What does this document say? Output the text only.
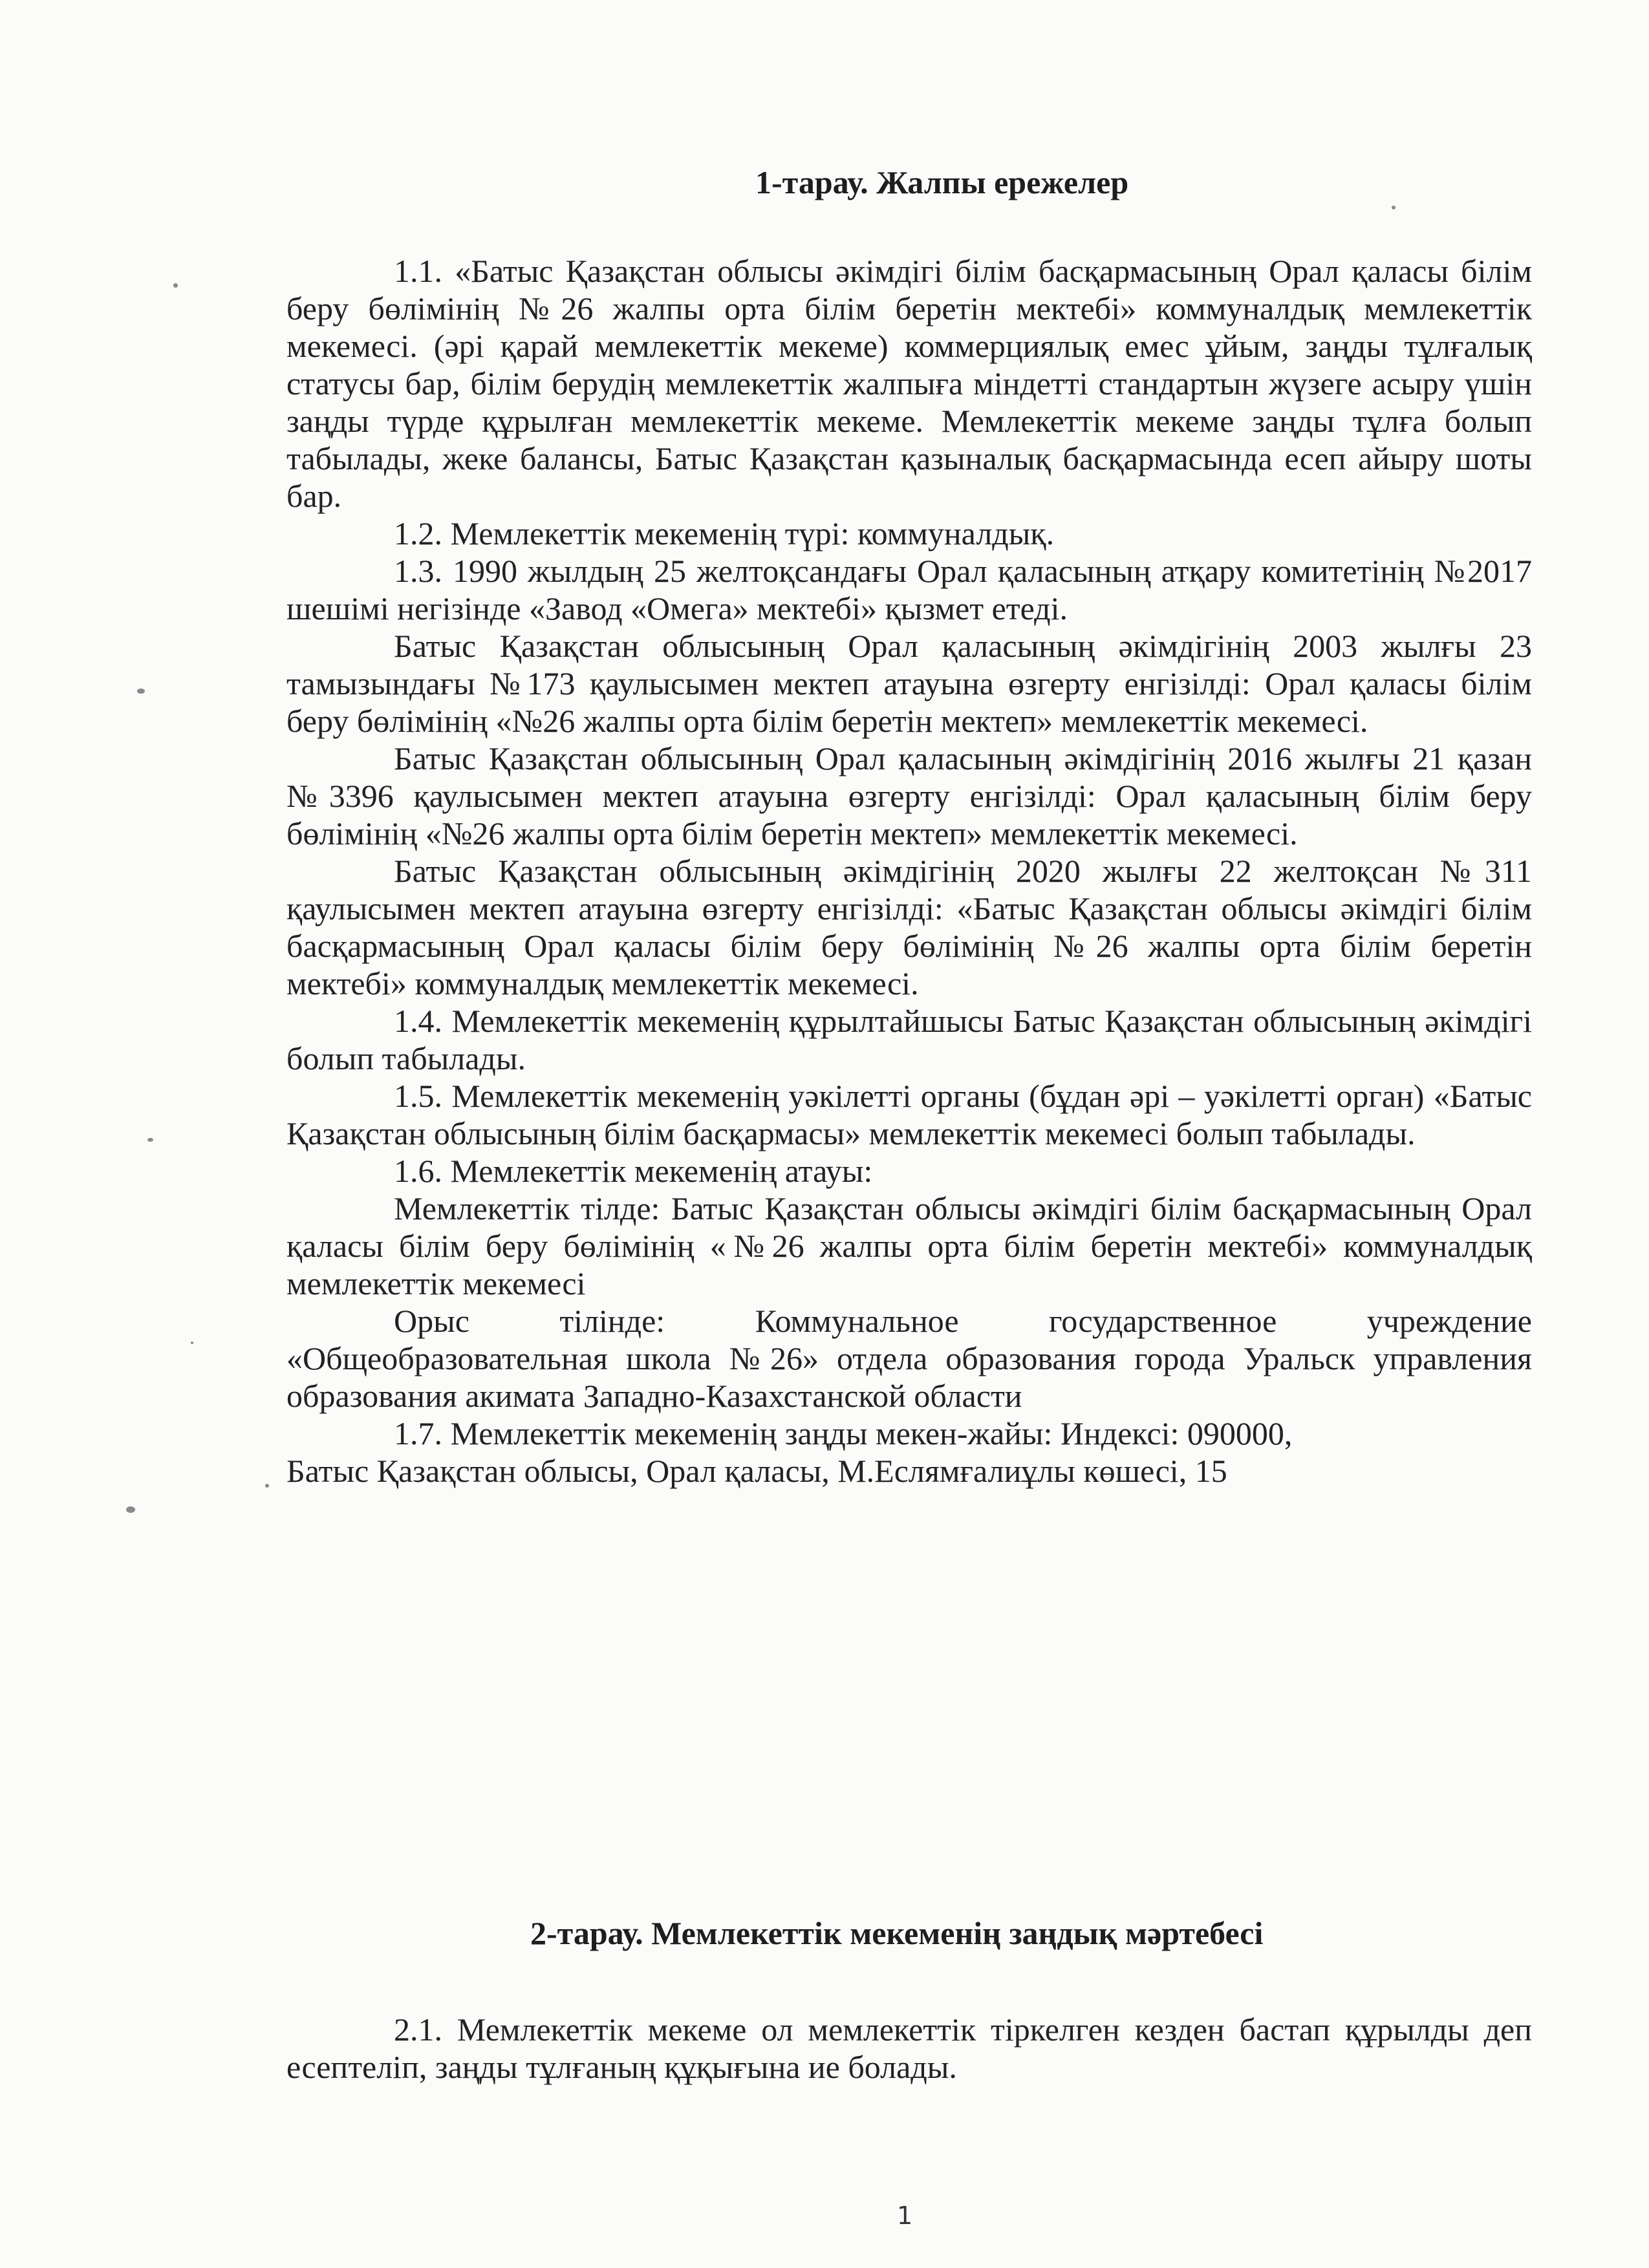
1-тарау. Жалпы ережелер

1.1. «Батыс Қазақстан облысы әкімдігі білім басқармасының Орал қаласы білім беру бөлімінің №26 жалпы орта білім беретін мектебі» коммуналдық мемлекеттік мекемесі. (әрі қарай мемлекеттік мекеме) коммерциялық емес ұйым, заңды тұлғалық статусы бар, білім берудің мемлекеттік жалпыға міндетті стандартын жүзеге асыру үшін заңды түрде құрылған мемлекеттік мекеме. Мемлекеттік мекеме заңды тұлға болып табылады, жеке балансы, Батыс Қазақстан қазыналық басқармасында есеп айыру шоты бар.

1.2. Мемлекеттік мекеменің түрі: коммуналдық.

1.3. 1990 жылдың 25 желтоқсандағы Орал қаласының атқару комитетінің №2017 шешімі негізінде «Завод «Омега» мектебі» қызмет етеді.

Батыс Қазақстан облысының Орал қаласының әкімдігінің 2003 жылғы 23 тамызындағы №173 қаулысымен мектеп атауына өзгерту енгізілді: Орал қаласы білім беру бөлімінің «№26 жалпы орта білім беретін мектеп» мемлекеттік мекемесі.

Батыс Қазақстан облысының Орал қаласының әкімдігінің 2016 жылғы 21 қазан №3396 қаулысымен мектеп атауына өзгерту енгізілді: Орал қаласының білім беру бөлімінің «№26 жалпы орта білім беретін мектеп» мемлекеттік мекемесі.

Батыс Қазақстан облысының әкімдігінің 2020 жылғы 22 желтоқсан №311 қаулысымен мектеп атауына өзгерту енгізілді: «Батыс Қазақстан облысы әкімдігі білім басқармасының Орал қаласы білім беру бөлімінің №26 жалпы орта білім беретін мектебі» коммуналдық мемлекеттік мекемесі.

1.4. Мемлекеттік мекеменің құрылтайшысы Батыс Қазақстан облысының әкімдігі болып табылады.

1.5. Мемлекеттік мекеменің уәкілетті органы (бұдан әрі – уәкілетті орган) «Батыс Қазақстан облысының білім басқармасы» мемлекеттік мекемесі болып табылады.

1.6. Мемлекеттік мекеменің атауы:

Мемлекеттік тілде: Батыс Қазақстан облысы әкімдігі білім басқармасының Орал қаласы білім беру бөлімінің «№26 жалпы орта білім беретін мектебі» коммуналдық мемлекеттік мекемесі

Орыс тілінде: Коммунальное государственное учреждение «Общеобразовательная школа №26» отдела образования города Уральск управления образования акимата Западно-Казахстанской области

1.7. Мемлекеттік мекеменің заңды мекен-жайы: Индексі: 090000,

Батыс Қазақстан облысы, Орал қаласы, М.Еслямғалиұлы көшесі, 15

2-тарау. Мемлекеттік мекеменің заңдық мәртебесі

2.1. Мемлекеттік мекеме ол мемлекеттік тіркелген кезден бастап құрылды деп есептеліп, заңды тұлғаның құқығына ие болады.

1
